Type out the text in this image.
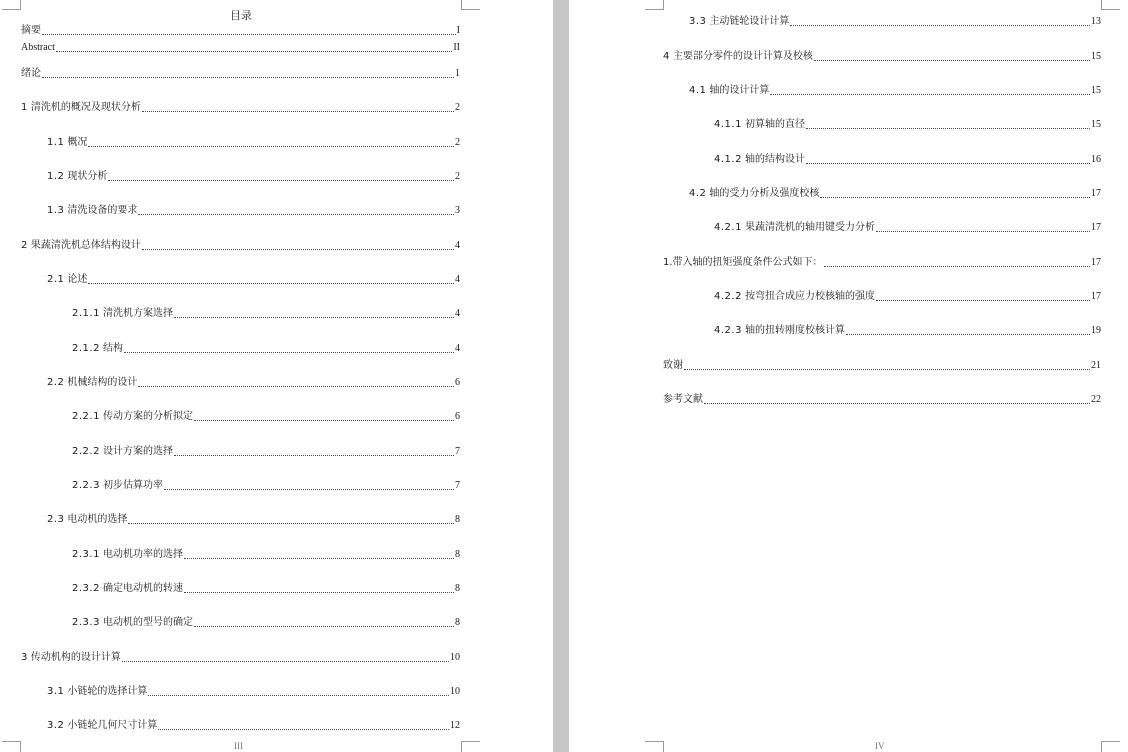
目录
摘要	I
Abstract	II
绪论	1
1 清洗机的概况及现状分析	2
1.1 概况	2
1.2 现状分析	2
1.3 清洗设备的要求	3
2 果蔬清洗机总体结构设计	4
2.1 论述	4
2.1.1 清洗机方案选择	4
2.1.2 结构	4
2.2 机械结构的设计	6
2.2.1 传动方案的分析拟定	6
2.2.2 设计方案的选择	7
2.2.3 初步估算功率	7
2.3 电动机的选择	8
2.3.1 电动机功率的选择	8
2.3.2 确定电动机的转速	8
2.3.3 电动机的型号的确定	8
3 传动机构的设计计算	10
3.1 小链轮的选择计算	10
3.2 小链轮几何尺寸计算	12
III
3.3 主动链轮设计计算	13
4 主要部分零件的设计计算及校核	15
4.1 轴的设计计算	15
4.1.1 初算轴的直径	15
4.1.2 轴的结构设计	16
4.2 轴的受力分析及强度校核	17
4.2.1 果蔬清洗机的轴用键受力分析	17
1.带入轴的扭矩强度条件公式如下：	17
4.2.2 按弯扭合成应力校核轴的强度	17
4.2.3 轴的扭转刚度校核计算	19
致谢	21
参考文献	22
IV
